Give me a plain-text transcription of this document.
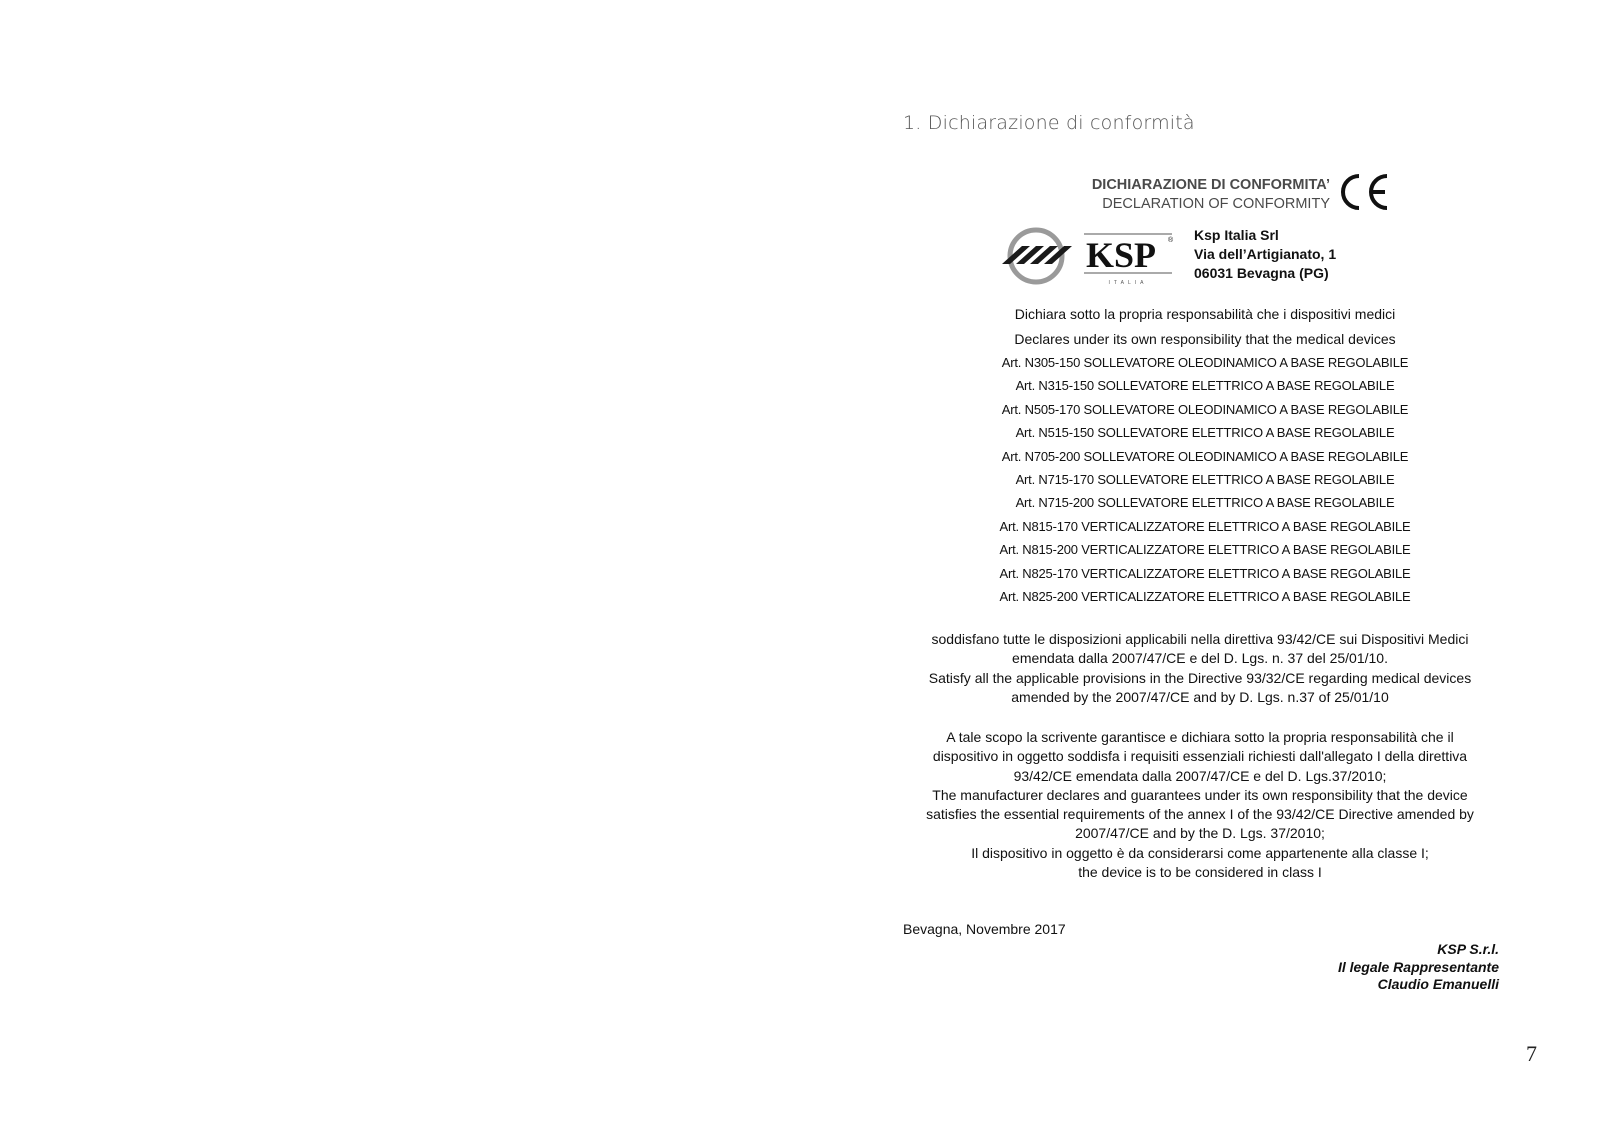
1. Dichiarazione di conformità
DICHIARAZIONE DI CONFORMITA’
DECLARATION OF CONFORMITY
KSP ®
ITALIA
Ksp Italia Srl
Via dell’Artigianato, 1
06031 Bevagna (PG)
Dichiara sotto la propria responsabilità che i dispositivi medici
Declares under its own responsibility that the medical devices
Art. N305-150 SOLLEVATORE OLEODINAMICO A BASE REGOLABILE
Art. N315-150 SOLLEVATORE ELETTRICO A BASE REGOLABILE
Art. N505-170 SOLLEVATORE OLEODINAMICO A BASE REGOLABILE
Art. N515-150 SOLLEVATORE ELETTRICO A BASE REGOLABILE
Art. N705-200 SOLLEVATORE OLEODINAMICO A BASE REGOLABILE
Art. N715-170 SOLLEVATORE ELETTRICO A BASE REGOLABILE
Art. N715-200 SOLLEVATORE ELETTRICO A BASE REGOLABILE
Art. N815-170 VERTICALIZZATORE ELETTRICO A BASE REGOLABILE
Art. N815-200 VERTICALIZZATORE ELETTRICO A BASE REGOLABILE
Art. N825-170 VERTICALIZZATORE ELETTRICO A BASE REGOLABILE
Art. N825-200 VERTICALIZZATORE ELETTRICO A BASE REGOLABILE
soddisfano tutte le disposizioni applicabili nella direttiva 93/42/CE sui Dispositivi Medici
emendata dalla 2007/47/CE e del D. Lgs. n. 37 del 25/01/10.
Satisfy all the applicable provisions in the Directive 93/32/CE regarding medical devices
amended by the 2007/47/CE and by D. Lgs. n.37 of 25/01/10
A tale scopo la scrivente garantisce e dichiara sotto la propria responsabilità che il
dispositivo in oggetto soddisfa i requisiti essenziali richiesti dall'allegato I della direttiva
93/42/CE emendata dalla 2007/47/CE e del D. Lgs.37/2010;
The manufacturer declares and guarantees under its own responsibility that the device
satisfies the essential requirements of the annex I of the 93/42/CE Directive amended by
2007/47/CE and by the D. Lgs. 37/2010;
Il dispositivo in oggetto è da considerarsi come appartenente alla classe I;
the device is to be considered in class I
Bevagna, Novembre 2017
KSP S.r.l.
Il legale Rappresentante
Claudio Emanuelli
7
